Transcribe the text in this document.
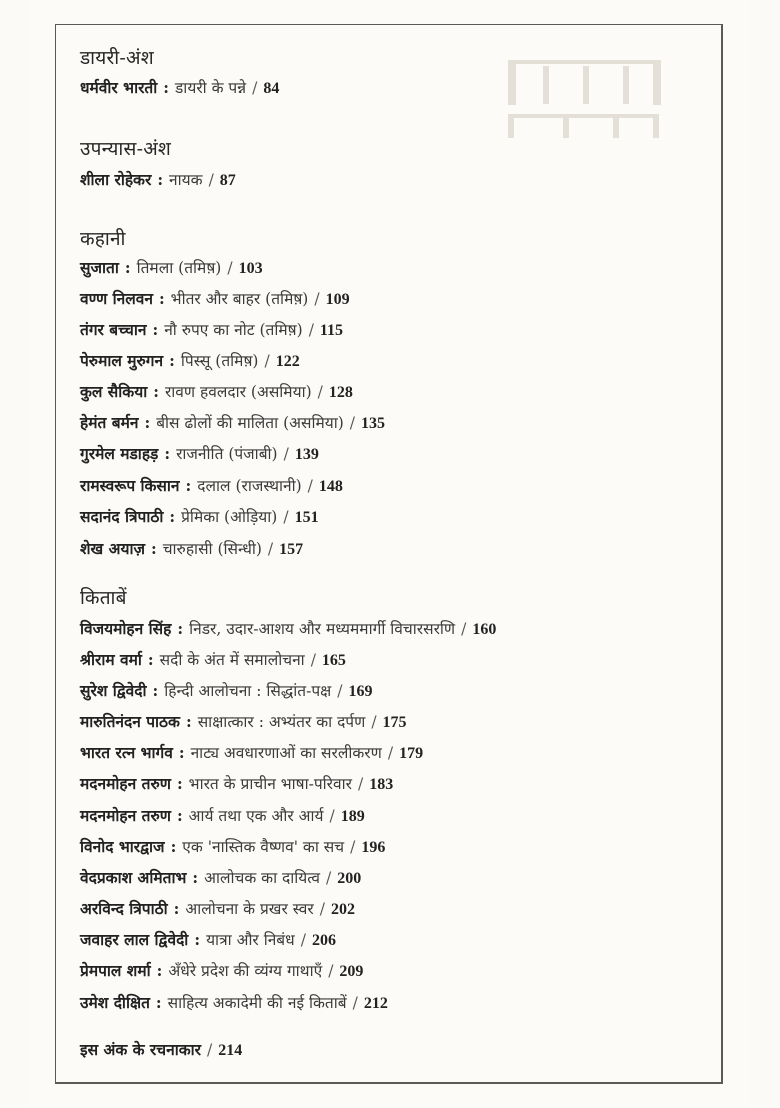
डायरी-अंश
धर्मवीर भारती : डायरी के पन्ने / 84
उपन्यास-अंश
शीला रोहेकर : नायक / 87
कहानी
सुजाता : तिमला (तमिष़) / 103
वण्ण निलवन : भीतर और बाहर (तमिष़) / 109
तंगर बच्चान : नौ रुपए का नोट (तमिष़) / 115
पेरुमाल मुरुगन : पिस्सू (तमिष़) / 122
कुल सैकिया : रावण हवलदार (असमिया) / 128
हेमंत बर्मन : बीस ढोलों की मालिता (असमिया) / 135
गुरमेल मडाहड़ : राजनीति (पंजाबी) / 139
रामस्वरूप किसान : दलाल (राजस्थानी) / 148
सदानंद त्रिपाठी : प्रेमिका (ओड़िया) / 151
शेख अयाज़ : चारुहासी (सिन्धी) / 157
किताबें
विजयमोहन सिंह : निडर, उदार-आशय और मध्यममार्गी विचारसरणि / 160
श्रीराम वर्मा : सदी के अंत में समालोचना / 165
सुरेश द्विवेदी : हिन्दी आलोचना : सिद्धांत-पक्ष / 169
मारुतिनंदन पाठक : साक्षात्कार : अभ्यंतर का दर्पण / 175
भारत रत्न भार्गव : नाट्य अवधारणाओं का सरलीकरण / 179
मदनमोहन तरुण : भारत के प्राचीन भाषा-परिवार / 183
मदनमोहन तरुण : आर्य तथा एक और आर्य / 189
विनोद भारद्वाज : एक 'नास्तिक वैष्णव' का सच / 196
वेदप्रकाश अमिताभ : आलोचक का दायित्व / 200
अरविन्द त्रिपाठी : आलोचना के प्रखर स्वर / 202
जवाहर लाल द्विवेदी : यात्रा और निबंध / 206
प्रेमपाल शर्मा : अँधेरे प्रदेश की व्यंग्य गाथाएँ / 209
उमेश दीक्षित : साहित्य अकादेमी की नई किताबें / 212
इस अंक के रचनाकार / 214
